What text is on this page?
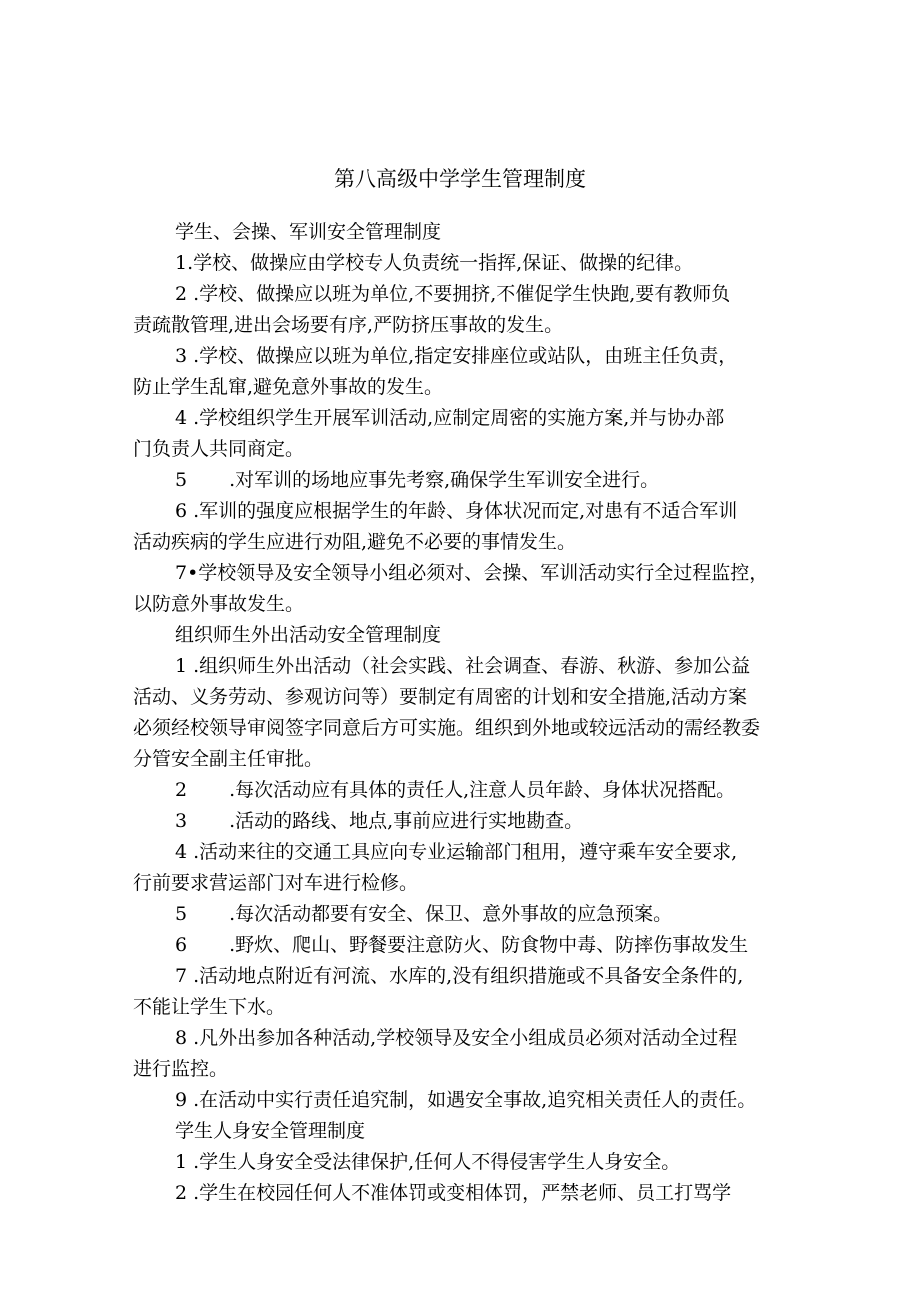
第八高级中学学生管理制度
学生、会操、军训安全管理制度
1.学校、做操应由学校专人负责统一指挥,保证、做操的纪律。
2 .学校、做操应以班为单位,不要拥挤,不催促学生快跑,要有教师负
责疏散管理,进出会场要有序,严防挤压事故的发生。
3 .学校、做操应以班为单位,指定安排座位或站队，由班主任负责，
防止学生乱窜,避免意外事故的发生。
4 .学校组织学生开展军训活动,应制定周密的实施方案,并与协办部
门负责人共同商定。
5 .对军训的场地应事先考察,确保学生军训安全进行。
6 .军训的强度应根据学生的年龄、身体状况而定,对患有不适合军训
活动疾病的学生应进行劝阻,避免不必要的事情发生。
7•学校领导及安全领导小组必须对、会操、军训活动实行全过程监控，
以防意外事故发生。
组织师生外出活动安全管理制度
1 .组织师生外出活动（社会实践、社会调查、春游、秋游、参加公益
活动、义务劳动、参观访问等）要制定有周密的计划和安全措施,活动方案
必须经校领导审阅签字同意后方可实施。组织到外地或较远活动的需经教委
分管安全副主任审批。
2 .每次活动应有具体的责任人,注意人员年龄、身体状况搭配。
3 .活动的路线、地点,事前应进行实地勘查。
4 .活动来往的交通工具应向专业运输部门租用，遵守乘车安全要求,
行前要求营运部门对车进行检修。
5 .每次活动都要有安全、保卫、意外事故的应急预案。
6 .野炊、爬山、野餐要注意防火、防食物中毒、防摔伤事故发生
7 .活动地点附近有河流、水库的,没有组织措施或不具备安全条件的,
不能让学生下水。
8 .凡外出参加各种活动,学校领导及安全小组成员必须对活动全过程
进行监控。
9 .在活动中实行责任追究制，如遇安全事故,追究相关责任人的责任。
学生人身安全管理制度
1 .学生人身安全受法律保护,任何人不得侵害学生人身安全。
2 .学生在校园任何人不准体罚或变相体罚，严禁老师、员工打骂学
